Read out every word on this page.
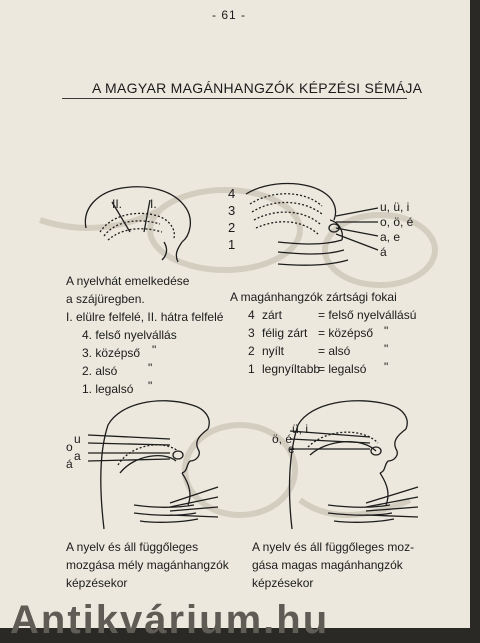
- 61 -
A MAGYAR MAGÁNHANGZÓK KÉPZÉSI SÉMÁJA
II. I.
A nyelvhát emelkedése
a szájüregben.
I. elülre felfelé, II. hátra felfelé
4. felső nyelvállás
3. középső
2. alsó
1. legalsó
"
"
"
4
3
2
1
u, ü, i
o, ö, é
a, e
á
A magánhangzók zártsági fokai
4 zárt	= felső nyelvállású
3 félig zárt = középső
2 nyílt	= alsó
1 legnyíltabb
= legalsó
"
"
"
u
o
a
á
A nyelv és áll függőleges
mozgása mély magánhangzók
képzésekor
ü, i
ö, é
e
A nyelv és áll függőleges moz-
gása magas magánhangzók
képzésekor
Antikvárium.hu
